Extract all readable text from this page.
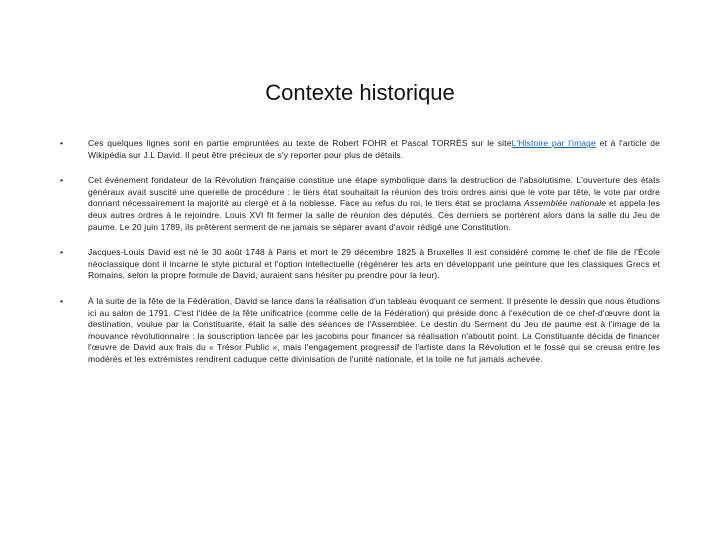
Contexte historique
•	Ces quelques lignes sont en partie empruntées au texte de Robert FOHR et Pascal TORRÈS sur le siteL'Histoire par l'image et à l'article de Wikipédia sur J.L David. Il peut être précieux de s'y reporter pour plus de détails.
•	Cet événement fondateur de la Révolution française constitue une étape symbolique dans la destruction de l'absolutisme. L'ouverture des états généraux avait suscité une querelle de procédure : le tiers état souhaitait la réunion des trois ordres ainsi que le vote par tête, le vote par ordre donnant nécessairement la majorité au clergé et à la noblesse. Face au refus du roi, le tiers état se proclama Assemblée nationale et appela les deux autres ordres à le rejoindre. Louis XVI fit fermer la salle de réunion des députés. Ces derniers se portèrent alors dans la salle du Jeu de paume. Le 20 juin 1789, ils prêtèrent serment de ne jamais se séparer avant d'avoir rédigé une Constitution.
•	Jacques-Louis David est né le 30 août 1748 à Paris et mort le 29 décembre 1825 à Bruxelles Il est considéré comme le chef de file de l'École néoclassique dont il incarne le style pictural et l'option intellectuelle (régénérer les arts en développant une peinture que les classiques Grecs et Romains, selon la propre formule de David, auraient sans hésiter pu prendre pour la leur).
•	À la suite de la fête de la Fédération, David se lance dans la réalisation d'un tableau évoquant ce serment. Il présente le dessin que nous étudions ici au salon de 1791. C'est l'idée de la fête unificatrice (comme celle de la Fédération) qui préside donc à l'exécution de ce chef-d'œuvre dont la destination, voulue par la Constituante, était la salle des séances de l'Assemblée. Le destin du Serment du Jeu de paume est à l'image de la mouvance révolutionnaire : la souscription lancée par les jacobins pour financer sa réalisation n'aboutit point. La Constituante décida de financer l'œuvre de David aux frais du « Trésor Public », mais l'engagement progressif de l'artiste dans la Révolution et le fossé qui se creusa entre les modérés et les extrémistes rendirent caduque cette divinisation de l'unité nationale, et la toile ne fut jamais achevée.
